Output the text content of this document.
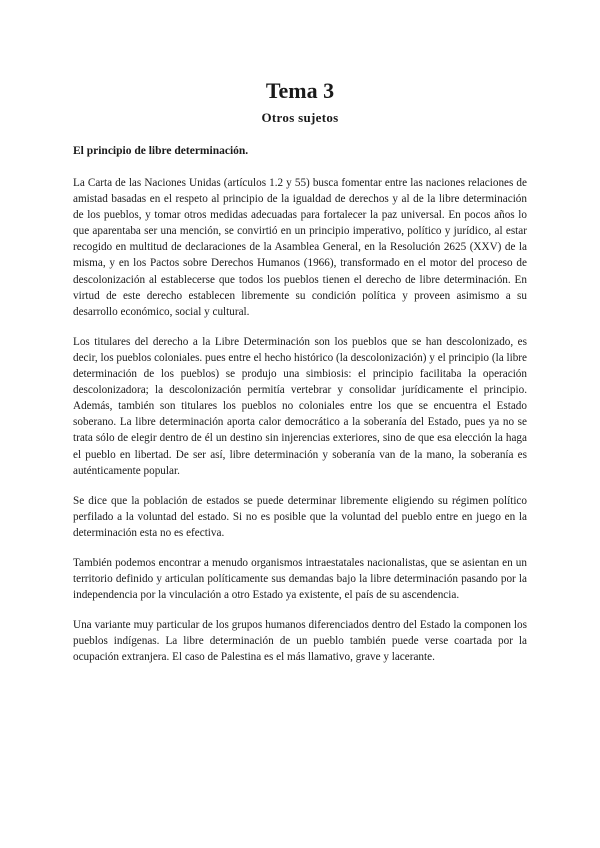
Tema 3
Otros sujetos
El principio de libre determinación.

La Carta de las Naciones Unidas (artículos 1.2 y 55) busca fomentar entre las naciones relaciones de amistad basadas en el respeto al principio de la igualdad de derechos y al de la libre determinación de los pueblos, y tomar otros medidas adecuadas para fortalecer la paz universal. En pocos años lo que aparentaba ser una mención, se convirtió en un principio imperativo, político y jurídico, al estar recogido en multitud de declaraciones de la Asamblea General, en la Resolución 2625 (XXV) de la misma, y en los Pactos sobre Derechos Humanos (1966), transformado en el motor del proceso de descolonización al establecerse que todos los pueblos tienen el derecho de libre determinación. En virtud de este derecho establecen libremente su condición política y proveen asimismo a su desarrollo económico, social y cultural.

Los titulares del derecho a la Libre Determinación son los pueblos que se han descolonizado, es decir, los pueblos coloniales. pues entre el hecho histórico (la descolonización) y el principio (la libre determinación de los pueblos) se produjo una simbiosis: el principio facilitaba la operación descolonizadora; la descolonización permitía vertebrar y consolidar jurídicamente el principio. Además, también son titulares los pueblos no coloniales entre los que se encuentra el Estado soberano. La libre determinación aporta calor democrático a la soberanía del Estado, pues ya no se trata sólo de elegir dentro de él un destino sin injerencias exteriores, sino de que esa elección la haga el pueblo en libertad. De ser así, libre determinación y soberanía van de la mano, la soberanía es auténticamente popular.

Se dice que la población de estados se puede determinar libremente eligiendo su régimen político perfilado a la voluntad del estado. Si no es posible que la voluntad del pueblo entre en juego en la determinación esta no es efectiva.

También podemos encontrar a menudo organismos intraestatales nacionalistas, que se asientan en un territorio definido y articulan políticamente sus demandas bajo la libre determinación pasando por la independencia por la vinculación a otro Estado ya existente, el país de su ascendencia.

Una variante muy particular de los grupos humanos diferenciados dentro del Estado la componen los pueblos indígenas. La libre determinación de un pueblo también puede verse coartada por la ocupación extranjera. El caso de Palestina es el más llamativo, grave y lacerante.
